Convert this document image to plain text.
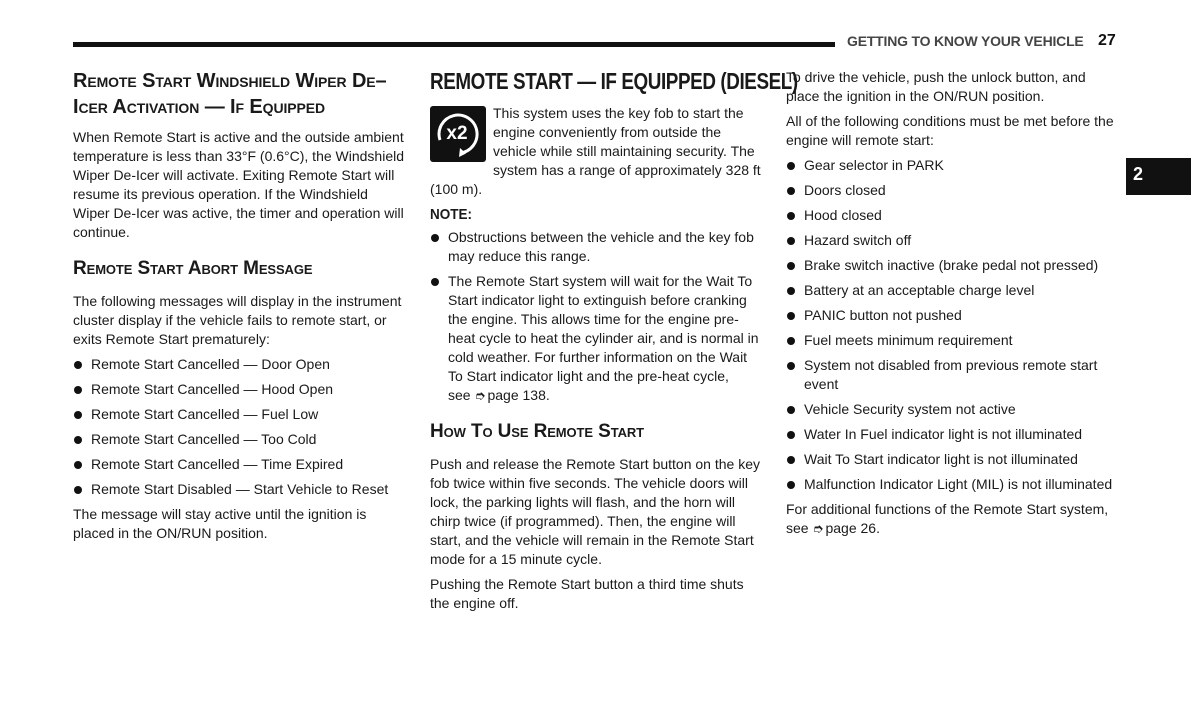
GETTING TO KNOW YOUR VEHICLE 27
2
Remote Start Windshield Wiper De–Icer Activation — If Equipped

When Remote Start is active and the outside ambient temperature is less than 33°F (0.6°C), the Windshield Wiper De-Icer will activate. Exiting Remote Start will resume its previous operation. If the Windshield Wiper De-Icer was active, the timer and operation will continue.

Remote Start Abort Message

The following messages will display in the instrument cluster display if the vehicle fails to remote start, or exits Remote Start prematurely:

Remote Start Cancelled — Door Open
Remote Start Cancelled — Hood Open
Remote Start Cancelled — Fuel Low
Remote Start Cancelled — Too Cold
Remote Start Cancelled — Time Expired
Remote Start Disabled — Start Vehicle to Reset

The message will stay active until the ignition is placed in the ON/RUN position.

REMOTE START — IF EQUIPPED (DIESEL)
x2

This system uses the key fob to start the engine conveniently from outside the vehicle while still maintaining security. The system has a range of approximately 328 ft (100 m).

NOTE:
Obstructions between the vehicle and the key fob may reduce this range.
The Remote Start system will wait for the Wait To Start indicator light to extinguish before cranking the engine. This allows time for the engine pre-heat cycle to heat the cylinder air, and is normal in cold weather. For further information on the Wait To Start indicator light and the pre-heat cycle, see ➮ page 138.
How To Use Remote Start

Push and release the Remote Start button on the key fob twice within five seconds. The vehicle doors will lock, the parking lights will flash, and the horn will chirp twice (if programmed). Then, the engine will start, and the vehicle will remain in the Remote Start mode for a 15 minute cycle.

Pushing the Remote Start button a third time shuts the engine off.

To drive the vehicle, push the unlock button, and place the ignition in the ON/RUN position.

All of the following conditions must be met before the engine will remote start:

Gear selector in PARK
Doors closed
Hood closed
Hazard switch off
Brake switch inactive (brake pedal not pressed)
Battery at an acceptable charge level
PANIC button not pushed
Fuel meets minimum requirement
System not disabled from previous remote start event
Vehicle Security system not active
Water In Fuel indicator light is not illuminated
Wait To Start indicator light is not illuminated
Malfunction Indicator Light (MIL) is not illuminated

For additional functions of the Remote Start system, see ➮ page 26.
